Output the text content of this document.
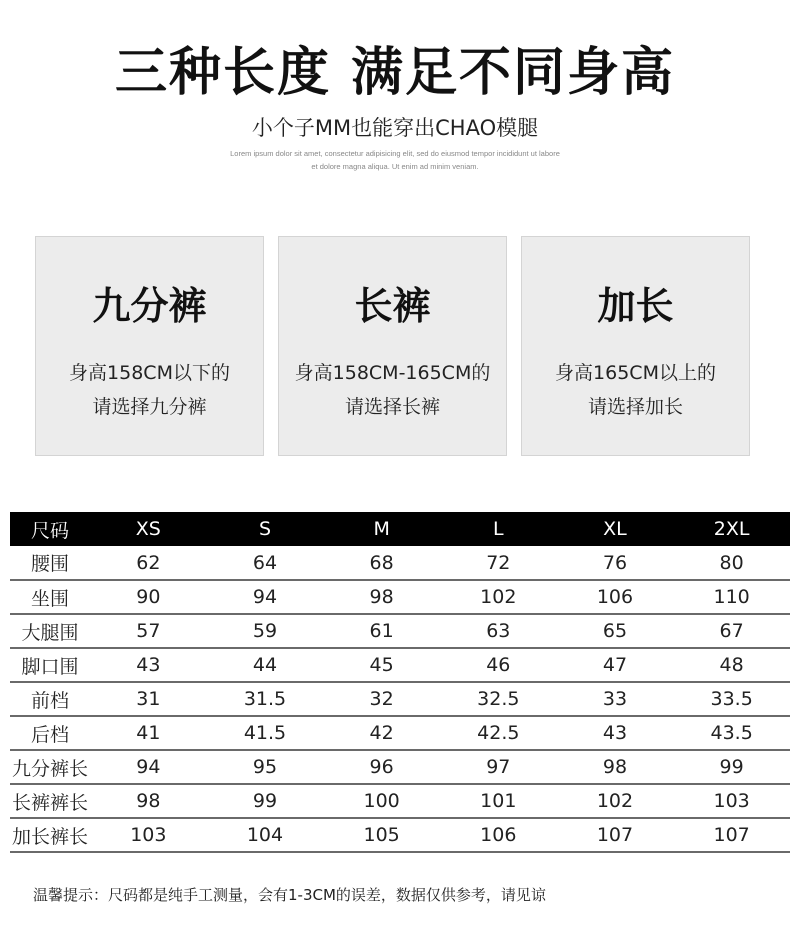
三种长度 满足不同身高
小个子MM也能穿出CHAO模腿
Lorem ipsum dolor sit amet, consectetur adipisicing elit, sed do eiusmod tempor incididunt ut labore
et dolore magna aliqua. Ut enim ad minim veniam.
九分裤
身高158CM以下的
请选择九分裤
长裤
身高158CM-165CM的
请选择长裤
加长
身高165CM以上的
请选择加长
尺码	XS	S	M	L	XL	2XL
腰围	62	64	68	72	76	80
坐围	90	94	98	102	106	110
大腿围	57	59	61	63	65	67
脚口围	43	44	45	46	47	48
前档	31	31.5	32	32.5	33	33.5
后档	41	41.5	42	42.5	43	43.5
九分裤长	94	95	96	97	98	99
长裤裤长	98	99	100	101	102	103
加长裤长	103	104	105	106	107	107
温馨提示：尺码都是纯手工测量，会有1-3CM的误差，数据仅供参考，请见谅
